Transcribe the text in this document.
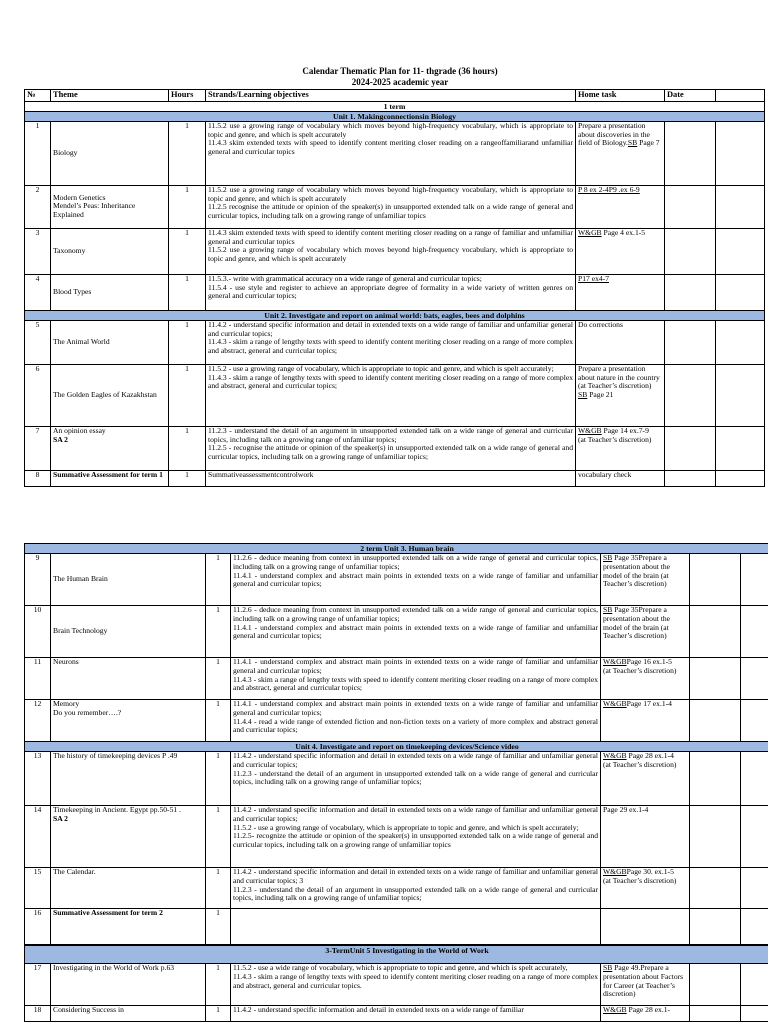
Calendar Thematic Plan for 11- thgrade (36 hours)
2024-2025 academic year
№	Theme	Hours	Strands/Learning objectives	Home task	Date	
1 term						
Unit 1. Makingconnectionsin Biology						
1	Biology	1	11.5.2 use a growing range of vocabulary which moves beyond high-frequency vocabulary, which is appropriate to topic and genre, and which is spelt accurately
11.4.3 skim extended texts with speed to identify content meriting closer reading on a rangeoffamiliarand unfamiliar general and curricular topics	Prepare a presentation about discoveries in the field of Biology.SB Page 7		
2	Modern Genetics
Mendel’s Peas: Inheritance Explained	1	11.5.2 use a growing range of vocabulary which moves beyond high-frequency vocabulary, which is appropriate to topic and genre, and which is spelt accurately
11.2.5 recognise the attitude or opinion of the speaker(s) in unsupported extended talk on a wide range of general and curricular topics, including talk on a growing range of unfamiliar topics	P 8 ex 2-4P9 .ex 6-9		
3	Taxonomy	1	11.4.3 skim extended texts with speed to identify content meriting closer reading on a range of familiar and unfamiliar general and curricular topics
11.5.2 use a growing range of vocabulary which moves beyond high-frequency vocabulary, which is appropriate to topic and genre, and which is spelt accurately	W&GB Page 4 ex.1-5		
4	Blood Types	1	11.5.3.- write with grammatical accuracy on a wide range of general and curricular topics;
11.5.4 - use style and register to achieve an appropriate degree of formality in a wide variety of written genres on general and curricular topics;	P17 ex4-7		
Unit 2. Investigate and report on animal world: bats, eagles, bees and dolphins						
5	The Animal World	1	11.4.2 - understand specific information and detail in extended texts on a wide range of familiar and unfamiliar general and curricular topics;
11.4.3 - skim a range of lengthy texts with speed to identify content meriting closer reading on a range of more complex and abstract, general and curricular topics;	Do corrections		
6	The Golden Eagles of Kazakhstan	1	11.5.2 - use a growing range of vocabulary, which is appropriate to topic and genre, and which is spelt accurately;
11.4.3 - skim a range of lengthy texts with speed to identify content meriting closer reading on a range of more complex and abstract, general and curricular topics;	Prepare a presentation about nature in the country (at Teacher’s discretion)
SB Page 21		
7	An opinion essay
SA 2	1	11.2.3 - understand the detail of an argument in unsupported extended talk on a wide range of general and curricular topics, including talk on a growing range of unfamiliar topics;
11.2.5 - recognise the attitude or opinion of the speaker(s) in unsupported extended talk on a wide range of general and curricular topics, including talk on a growing range of unfamiliar topics;	W&GB Page 14 ex.7-9
(at Teacher’s discretion)		
8	Summative Assessment for term 1	1	Summativeassessmentcontrolwork	vocabulary check		
2 term Unit 3. Human brain						
9	The Human Brain	1	11.2.6 - deduce meaning from context in unsupported extended talk on a wide range of general and curricular topics, including talk on a growing range of unfamiliar topics;
11.4.1 - understand complex and abstract main points in extended texts on a wide range of familiar and unfamiliar general and curricular topics;	SB Page 35Prepare a presentation about the model of the brain (at Teacher’s discretion)		
10	Brain Technology	1	11.2.6 - deduce meaning from context in unsupported extended talk on a wide range of general and curricular topics, including talk on a growing range of unfamiliar topics;
11.4.1 - understand complex and abstract main points in extended texts on a wide range of familiar and unfamiliar general and curricular topics;	SB Page 35Prepare a presentation about the model of the brain (at Teacher’s discretion)		
11	Neurons	1	11.4.1 - understand complex and abstract main points in extended texts on a wide range of familiar and unfamiliar general and curricular topics;
11.4.3 - skim a range of lengthy texts with speed to identify content meriting closer reading on a range of more complex and abstract, general and curricular topics;	W&GBPage 16 ex.1-5
(at Teacher’s discretion)		
12	Memory
Do you remember….?	1	11.4.1 - understand complex and abstract main points in extended texts on a wide range of familiar and unfamiliar general and curricular topics;
11.4.4 - read a wide range of extended fiction and non-fiction texts on a variety of more complex and abstract general and curricular topics;	W&GBPage 17 ex.1-4		
Unit 4. Investigate and report on timekeeping devices/Science video						
13	The history of timekeeping devices P .49	1	11.4.2 - understand specific information and detail in extended texts on a wide range of familiar and unfamiliar general and curricular topics;
11.2.3 - understand the detail of an argument in unsupported extended talk on a wide range of general and curricular topics, including talk on a growing range of unfamiliar topics;	W&GB Page 28 ex.1-4
(at Teacher’s discretion)		
14	Timekeeping in Ancient. Egypt pp.50-51 .
SA 2	1	11.4.2 - understand specific information and detail in extended texts on a wide range of familiar and unfamiliar general and curricular topics;
11.5.2 - use a growing range of vocabulary, which is appropriate to topic and genre, and which is spelt accurately;
11.2.5- recognize the attitude or opinion of the speaker(s) in unsupported extended talk on a wide range of general and curricular topics, including talk on a growing range of unfamiliar topics	Page 29 ex.1-4		
15	The Calendar.	1	11.4.2 - understand specific information and detail in extended texts on a wide range of familiar and unfamiliar general and curricular topics; 3
11.2.3 - understand the detail of an argument in unsupported extended talk on a wide range of general and curricular topics, including talk on a growing range of unfamiliar topics;	W&GBPage 30. ex.1-5
(at Teacher’s discretion)		
16	Summative Assessment for term 2	1				

3-TermUnit 5 Investigating in the World of Work						
17	Investigating in the World of Work p.63	1	11.5.2 - use a wide range of vocabulary, which is appropriate to topic and genre, and which is spelt accurately,
11.4.3 - skim a range of lengthy texts with speed to identify content meriting closer reading on a range of more complex and abstract, general and curricular topics.	SB Page 49.Prepare a presentation about Factors for Career (at Teacher’s discretion)		
18	Considering Success in	1	11.4.2 - understand specific information and detail in extended texts on a wide range of familiar	W&GB Page 28 ex.1-		
